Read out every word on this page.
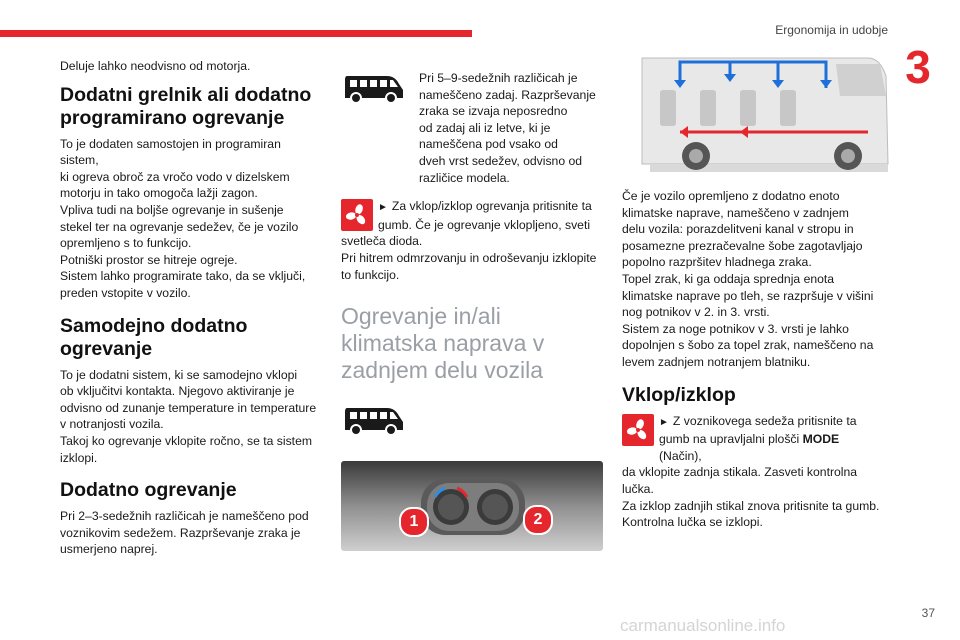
Ergonomija in udobje
3

Deluje lahko neodvisno od motorja.

Dodatni grelnik ali dodatno programirano ogrevanje

To je dodaten samostojen in programiran sistem,

ki ogreva obroč za vročo vodo v dizelskem

motorju in tako omogoča lažji zagon.

Vpliva tudi na boljše ogrevanje in sušenje

stekel ter na ogrevanje sedežev, če je vozilo

opremljeno s to funkcijo.

Potniški prostor se hitreje ogreje.

Sistem lahko programirate tako, da se vključi,

preden vstopite v vozilo.

Samodejno dodatno ogrevanje

To je dodatni sistem, ki se samodejno vklopi

ob vključitvi kontakta. Njegovo aktiviranje je

odvisno od zunanje temperature in temperature

v notranjosti vozila.

Takoj ko ogrevanje vklopite ročno, se ta sistem

izklopi.

Dodatno ogrevanje

Pri 2–3-sedežnih različicah je nameščeno pod

voznikovim sedežem. Razprševanje zraka je

usmerjeno naprej.

Pri 5–9-sedežnih različicah je

nameščeno zadaj. Razprševanje

zraka se izvaja neposredno

od zadaj ali iz letve, ki je

nameščena pod vsako od

dveh vrst sedežev, odvisno od

različice modela.

► Za vklop/izklop ogrevanja pritisnite ta

gumb. Če je ogrevanje vklopljeno, sveti

svetleča dioda.

Pri hitrem odmrzovanju in odroševanju izklopite

to funkcijo.

Ogrevanje in/ali klimatska naprava v zadnjem delu vozila
1	2

Če je vozilo opremljeno z dodatno enoto

klimatske naprave, nameščeno v zadnjem

delu vozila: porazdelitveni kanal v stropu in

posamezne prezračevalne šobe zagotavljajo

popolno razpršitev hladnega zraka.

Topel zrak, ki ga oddaja sprednja enota

klimatske naprave po tleh, se razpršuje v višini

nog potnikov v 2. in 3. vrsti.

Sistem za noge potnikov v 3. vrsti je lahko

dopolnjen s šobo za topel zrak, nameščeno na

levem zadnjem notranjem blatniku.

Vklop/izklop

► Z voznikovega sedeža pritisnite ta

gumb na upravljalni plošči MODE (Način),

da vklopite zadnja stikala. Zasveti kontrolna

lučka.

Za izklop zadnjih stikal znova pritisnite ta gumb.

Kontrolna lučka se izklopi.

37
carmanualsonline.info
